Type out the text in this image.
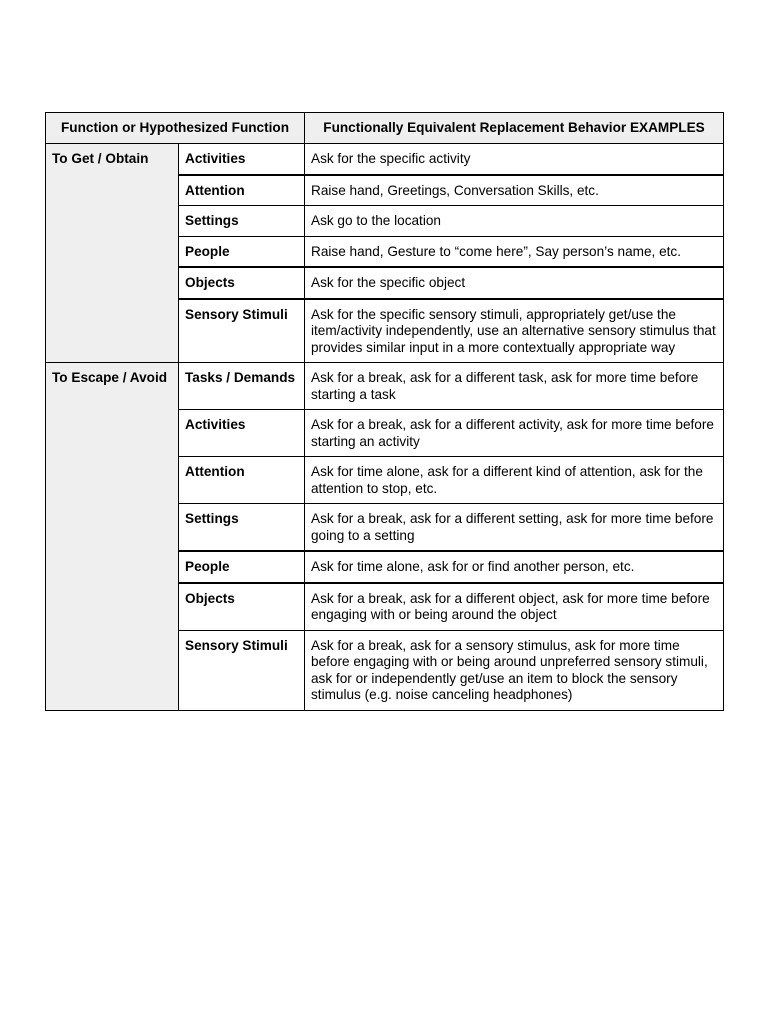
Function or Hypothesized Function		Functionally Equivalent Replacement Behavior EXAMPLES
To Get / Obtain	Activities	Ask for the specific activity
	Attention	Raise hand, Greetings, Conversation Skills, etc.
	Settings	Ask go to the location
	People	Raise hand, Gesture to “come here”, Say person’s name, etc.
	Objects	Ask for the specific object
	Sensory Stimuli	Ask for the specific sensory stimuli, appropriately get/use the item/activity independently, use an alternative sensory stimulus that provides similar input in a more contextually appropriate way
To Escape / Avoid	Tasks / Demands	Ask for a break, ask for a different task, ask for more time before starting a task
	Activities	Ask for a break, ask for a different activity, ask for more time before starting an activity
	Attention	Ask for time alone, ask for a different kind of attention, ask for the attention to stop, etc.
	Settings	Ask for a break, ask for a different setting, ask for more time before going to a setting
	People	Ask for time alone, ask for or find another person, etc.
	Objects	Ask for a break, ask for a different object, ask for more time before engaging with or being around the object
	Sensory Stimuli	Ask for a break, ask for a sensory stimulus, ask for more time before engaging with or being around unpreferred sensory stimuli, ask for or independently get/use an item to block the sensory stimulus (e.g. noise canceling headphones)
